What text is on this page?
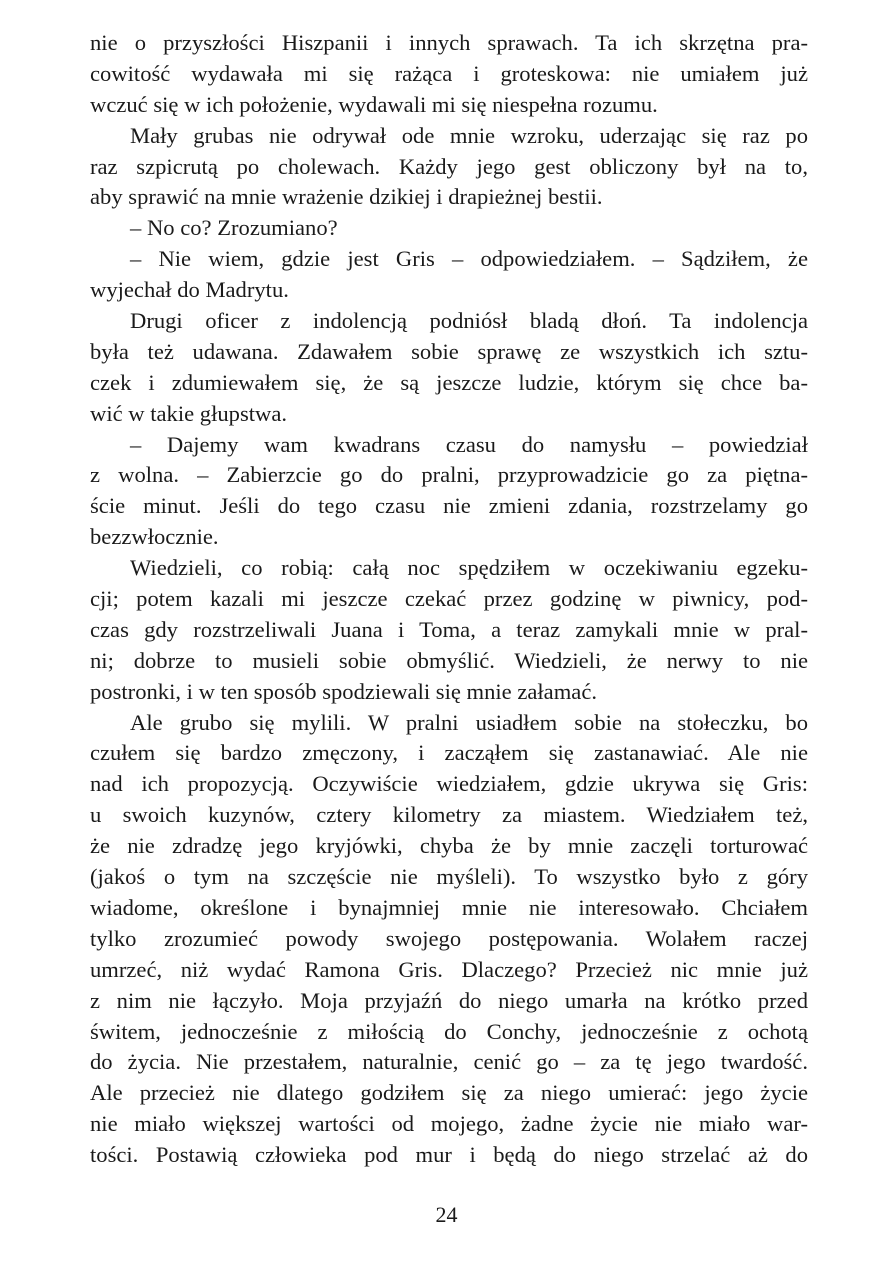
nie o przyszłości Hiszpanii i innych sprawach. Ta ich skrzętna pra-
cowitość wydawała mi się rażąca i groteskowa: nie umiałem już
wczuć się w ich położenie, wydawali mi się niespełna rozumu.
Mały grubas nie odrywał ode mnie wzroku, uderzając się raz po
raz szpicrutą po cholewach. Każdy jego gest obliczony był na to,
aby sprawić na mnie wrażenie dzikiej i drapieżnej bestii.
– No co? Zrozumiano?
– Nie wiem, gdzie jest Gris – odpowiedziałem. – Sądziłem, że
wyjechał do Madrytu.
Drugi oficer z indolencją podniósł bladą dłoń. Ta indolencja
była też udawana. Zdawałem sobie sprawę ze wszystkich ich sztu-
czek i zdumiewałem się, że są jeszcze ludzie, którym się chce ba-
wić w takie głupstwa.
– Dajemy wam kwadrans czasu do namysłu – powiedział
z wolna. – Zabierzcie go do pralni, przyprowadzicie go za piętna-
ście minut. Jeśli do tego czasu nie zmieni zdania, rozstrzelamy go
bezzwłocznie.
Wiedzieli, co robią: całą noc spędziłem w oczekiwaniu egzeku-
cji; potem kazali mi jeszcze czekać przez godzinę w piwnicy, pod-
czas gdy rozstrzeliwali Juana i Toma, a teraz zamykali mnie w pral-
ni; dobrze to musieli sobie obmyślić. Wiedzieli, że nerwy to nie
postronki, i w ten sposób spodziewali się mnie załamać.
Ale grubo się mylili. W pralni usiadłem sobie na stołeczku, bo
czułem się bardzo zmęczony, i zacząłem się zastanawiać. Ale nie
nad ich propozycją. Oczywiście wiedziałem, gdzie ukrywa się Gris:
u swoich kuzynów, cztery kilometry za miastem. Wiedziałem też,
że nie zdradzę jego kryjówki, chyba że by mnie zaczęli torturować
(jakoś o tym na szczęście nie myśleli). To wszystko było z góry
wiadome, określone i bynajmniej mnie nie interesowało. Chciałem
tylko zrozumieć powody swojego postępowania. Wolałem raczej
umrzeć, niż wydać Ramona Gris. Dlaczego? Przecież nic mnie już
z nim nie łączyło. Moja przyjaźń do niego umarła na krótko przed
świtem, jednocześnie z miłością do Conchy, jednocześnie z ochotą
do życia. Nie przestałem, naturalnie, cenić go – za tę jego twardość.
Ale przecież nie dlatego godziłem się za niego umierać: jego życie
nie miało większej wartości od mojego, żadne życie nie miało war-
tości. Postawią człowieka pod mur i będą do niego strzelać aż do
24
